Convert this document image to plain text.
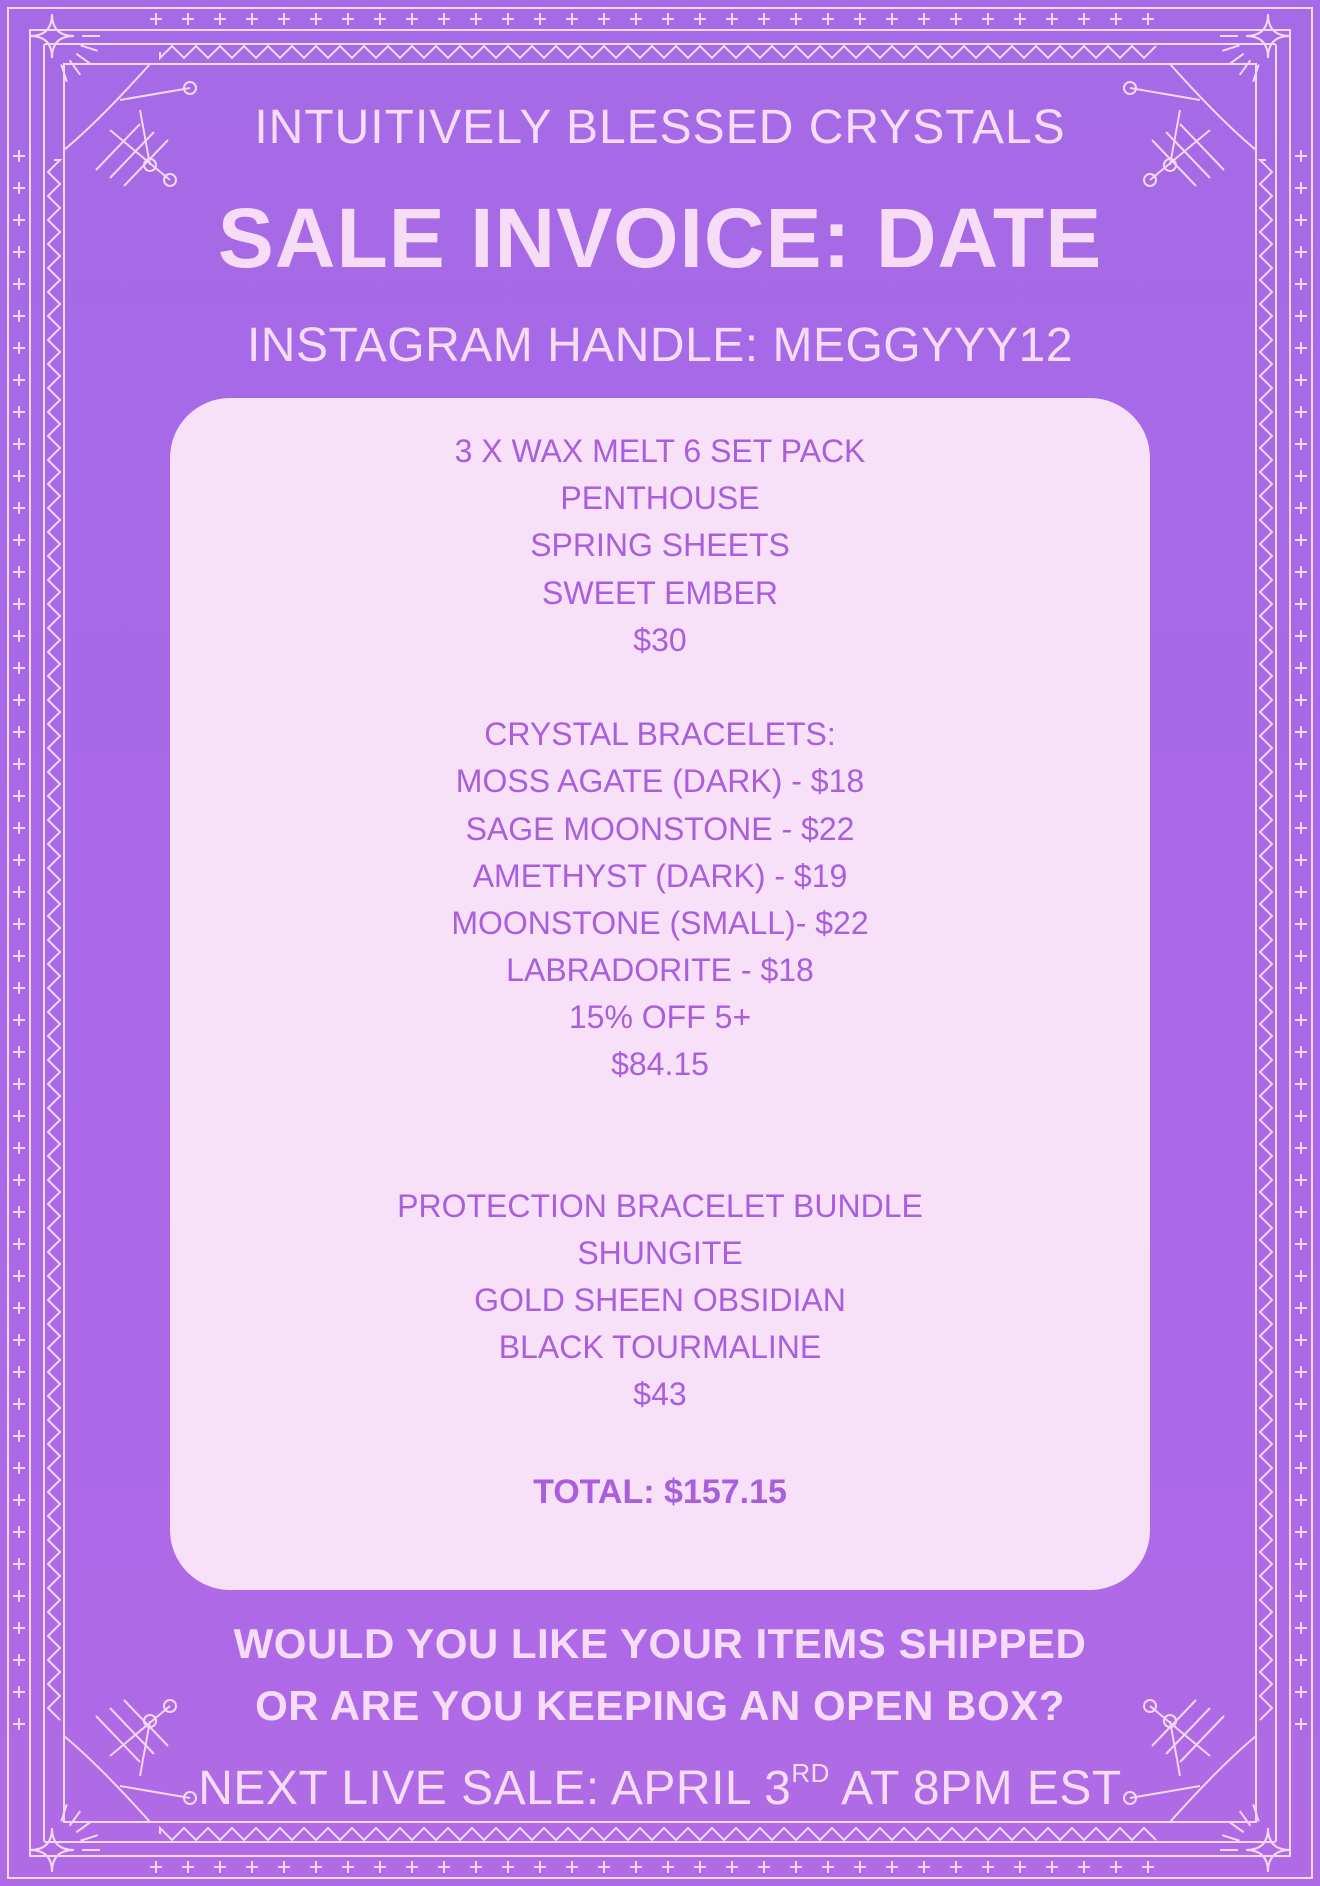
INTUITIVELY BLESSED CRYSTALS
SALE INVOICE: DATE
INSTAGRAM HANDLE: MEGGYYY12
3 X WAX MELT 6 SET PACK
PENTHOUSE
SPRING SHEETS
SWEET EMBER
$30
CRYSTAL BRACELETS:
MOSS AGATE (DARK) - $18
SAGE MOONSTONE - $22
AMETHYST (DARK) - $19
MOONSTONE (SMALL)- $22
LABRADORITE - $18
15% OFF 5+
$84.15
PROTECTION BRACELET BUNDLE
SHUNGITE
GOLD SHEEN OBSIDIAN
BLACK TOURMALINE
$43
TOTAL: $157.15
WOULD YOU LIKE YOUR ITEMS SHIPPED
OR ARE YOU KEEPING AN OPEN BOX?
NEXT LIVE SALE: APRIL 3RD AT 8PM EST
